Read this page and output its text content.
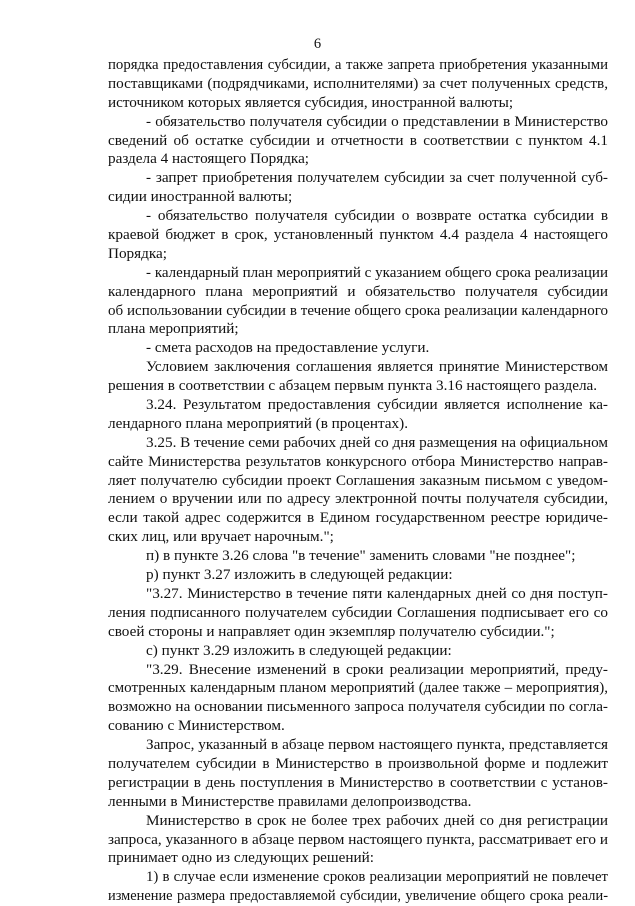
6
порядка предоставления субсидии, а также запрета приобретения указанными
поставщиками (подрядчиками, исполнителями) за счет полученных средств,
источником которых является субсидия, иностранной валюты;
- обязательство получателя субсидии о представлении в Министерство
сведений об остатке субсидии и отчетности в соответствии с пунктом 4.1
раздела 4 настоящего Порядка;
- запрет приобретения получателем субсидии за счет полученной суб-
сидии иностранной валюты;
- обязательство получателя субсидии о возврате остатка субсидии в
краевой бюджет в срок, установленный пунктом 4.4 раздела 4 настоящего
Порядка;
- календарный план мероприятий с указанием общего срока реализации
календарного плана мероприятий и обязательство получателя субсидии
об использовании субсидии в течение общего срока реализации календарного
плана мероприятий;
- смета расходов на предоставление услуги.
Условием заключения соглашения является принятие Министерством
решения в соответствии с абзацем первым пункта 3.16 настоящего раздела.
3.24. Результатом предоставления субсидии является исполнение ка-
лендарного плана мероприятий (в процентах).
3.25. В течение семи рабочих дней со дня размещения на официальном
сайте Министерства результатов конкурсного отбора Министерство направ-
ляет получателю субсидии проект Соглашения заказным письмом с уведом-
лением о вручении или по адресу электронной почты получателя субсидии,
если такой адрес содержится в Едином государственном реестре юридиче-
ских лиц, или вручает нарочным.";
п) в пункте 3.26 слова "в течение" заменить словами "не позднее";
р) пункт 3.27 изложить в следующей редакции:
"3.27. Министерство в течение пяти календарных дней со дня поступ-
ления подписанного получателем субсидии Соглашения подписывает его со
своей стороны и направляет один экземпляр получателю субсидии.";
с) пункт 3.29 изложить в следующей редакции:
"3.29. Внесение изменений в сроки реализации мероприятий, преду-
смотренных календарным планом мероприятий (далее также – мероприятия),
возможно на основании письменного запроса получателя субсидии по согла-
сованию с Министерством.
Запрос, указанный в абзаце первом настоящего пункта, представляется
получателем субсидии в Министерство в произвольной форме и подлежит
регистрации в день поступления в Министерство в соответствии с установ-
ленными в Министерстве правилами делопроизводства.
Министерство в срок не более трех рабочих дней со дня регистрации
запроса, указанного в абзаце первом настоящего пункта, рассматривает его и
принимает одно из следующих решений:
1) в случае если изменение сроков реализации мероприятий не повлечет
изменение размера предоставляемой субсидии, увеличение общего срока реали-
